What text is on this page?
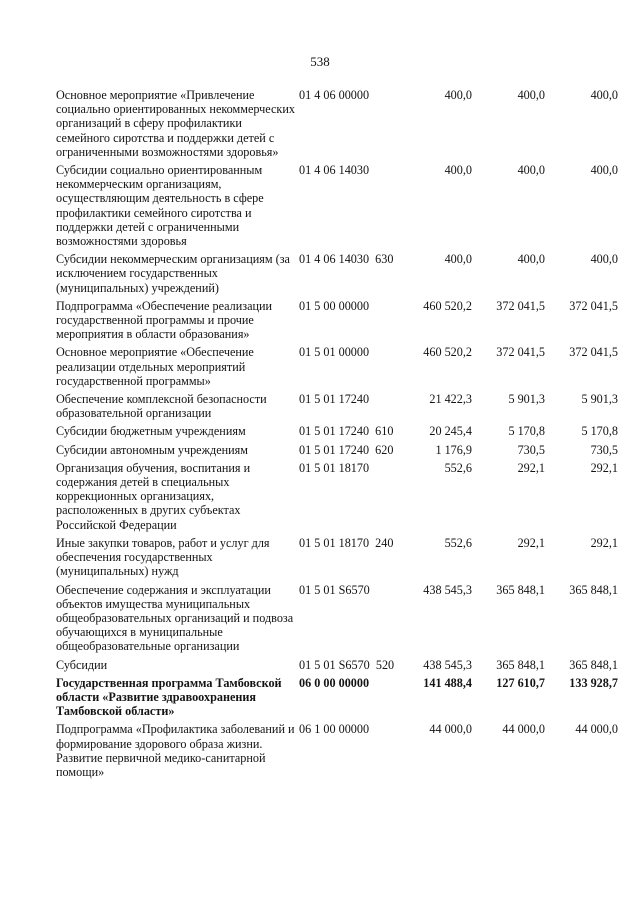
538
Основное мероприятие «Привлечение социально ориентированных некоммерческих организаций в сферу профилактики семейного сиротства и поддержки детей с ограниченными возможностями здоровья»	01 4 06 00000	400,0	400,0	400,0
Субсидии социально ориентированным некоммерческим организациям, осуществляющим деятельность в сфере профилактики семейного сиротства и поддержки детей с ограниченными возможностями здоровья	01 4 06 14030	400,0	400,0	400,0
Субсидии некоммерческим организациям (за исключением государственных (муниципальных) учреждений)	01 4 06 14030  630	400,0	400,0	400,0
Подпрограмма «Обеспечение реализации государственной программы и прочие мероприятия в области образования»	01 5 00 00000	460 520,2	372 041,5	372 041,5
Основное мероприятие «Обеспечение реализации отдельных мероприятий государственной программы»	01 5 01 00000	460 520,2	372 041,5	372 041,5
Обеспечение комплексной безопасности образовательной организации	01 5 01 17240	21 422,3	5 901,3	5 901,3
Субсидии бюджетным учреждениям	01 5 01 17240  610	20 245,4	5 170,8	5 170,8
Субсидии автономным учреждениям	01 5 01 17240  620	1 176,9	730,5	730,5
Организация обучения, воспитания и содержания детей в специальных коррекционных организациях, расположенных в других субъектах Российской Федерации	01 5 01 18170	552,6	292,1	292,1
Иные закупки товаров, работ и услуг для обеспечения государственных (муниципальных) нужд	01 5 01 18170  240	552,6	292,1	292,1
Обеспечение содержания и эксплуатации объектов имущества муниципальных общеобразовательных организаций и подвоза обучающихся в муниципальные общеобразовательные организации	01 5 01 S6570	438 545,3	365 848,1	365 848,1
Субсидии	01 5 01 S6570  520	438 545,3	365 848,1	365 848,1
Государственная программа Тамбовской области «Развитие здравоохранения Тамбовской области»	06 0 00 00000	141 488,4	127 610,7	133 928,7
Подпрограмма «Профилактика заболеваний и формирование здорового образа жизни. Развитие первичной медико-санитарной помощи»	06 1 00 00000	44 000,0	44 000,0	44 000,0
